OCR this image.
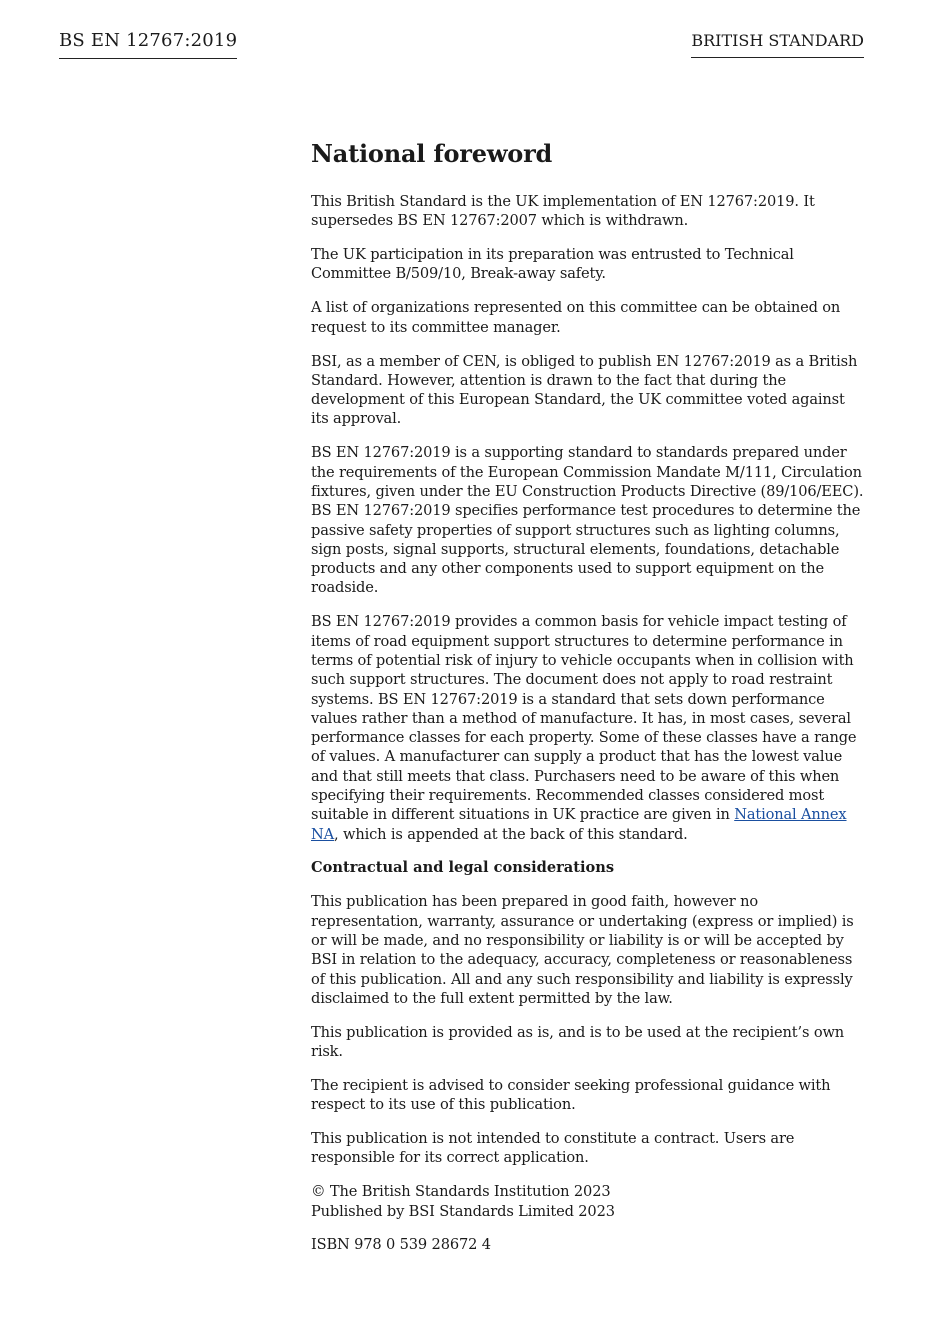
BS EN 12767:2019	BRITISH STANDARD
National foreword

This British Standard is the UK implementation of EN 12767:2019. It supersedes BS EN 12767:2007 which is withdrawn.

The UK participation in its preparation was entrusted to Technical Committee B/509/10, Break-away safety.

A list of organizations represented on this committee can be obtained on request to its committee manager.

BSI, as a member of CEN, is obliged to publish EN 12767:2019 as a British Standard. However, attention is drawn to the fact that during the development of this European Standard, the UK committee voted against its approval.

BS EN 12767:2019 is a supporting standard to standards prepared under the requirements of the European Commission Mandate M/111, Circulation fixtures, given under the EU Construction Products Directive (89/106/EEC). BS EN 12767:2019 specifies performance test procedures to determine the passive safety properties of support structures such as lighting columns, sign posts, signal supports, structural elements, foundations, detachable products and any other components used to support equipment on the roadside.

BS EN 12767:2019 provides a common basis for vehicle impact testing of items of road equipment support structures to determine performance in terms of potential risk of injury to vehicle occupants when in collision with such support structures. The document does not apply to road restraint systems. BS EN 12767:2019 is a standard that sets down performance values rather than a method of manufacture. It has, in most cases, several performance classes for each property. Some of these classes have a range of values. A manufacturer can supply a product that has the lowest value and that still meets that class. Purchasers need to be aware of this when specifying their requirements. Recommended classes considered most suitable in different situations in UK practice are given in National Annex NA, which is appended at the back of this standard.

Contractual and legal considerations

This publication has been prepared in good faith, however no representation, warranty, assurance or undertaking (express or implied) is or will be made, and no responsibility or liability is or will be accepted by BSI in relation to the adequacy, accuracy, completeness or reasonableness of this publication. All and any such responsibility and liability is expressly disclaimed to the full extent permitted by the law.

This publication is provided as is, and is to be used at the recipient’s own risk.

The recipient is advised to consider seeking professional guidance with respect to its use of this publication.

This publication is not intended to constitute a contract. Users are responsible for its correct application.

© The British Standards Institution 2023
Published by BSI Standards Limited 2023

ISBN 978 0 539 28672 4
